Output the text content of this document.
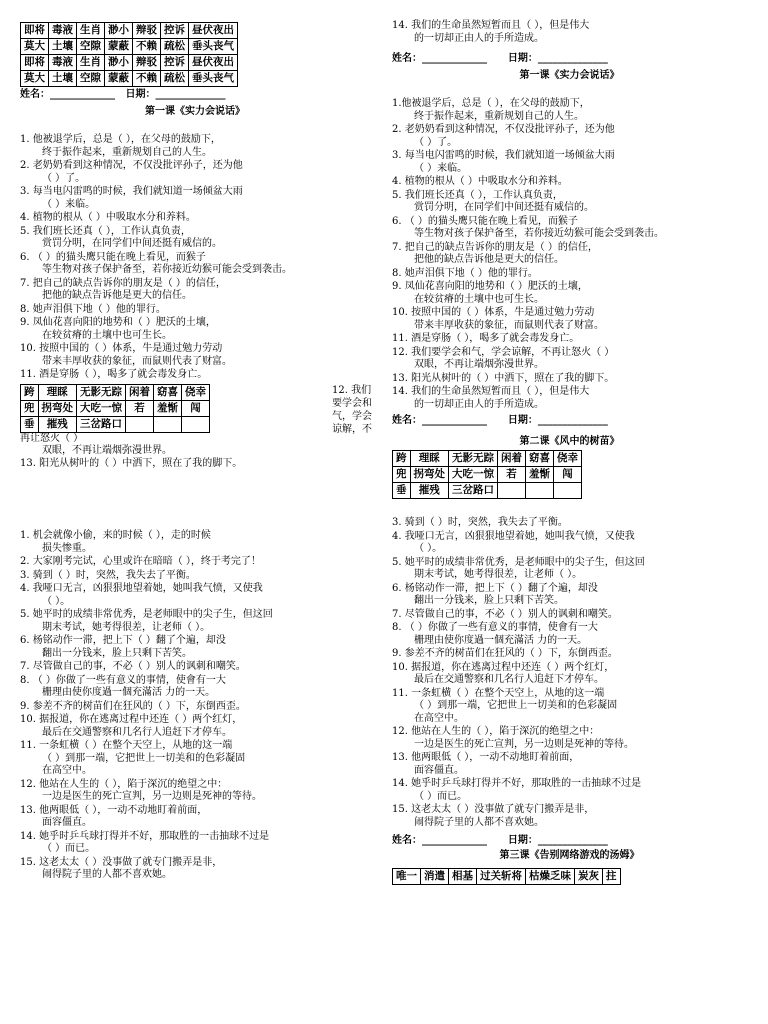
即将	毒液	生肖	渺小	辩驳	控诉	昼伏夜出
莫大	土壤	空隙	蒙蔽	不赖	疏松	垂头丧气
即将	毒液	生肖	渺小	辩驳	控诉	昼伏夜出
莫大	土壤	空隙	蒙蔽	不赖	疏松	垂头丧气
姓名：_____________   日期：______________
第一课《实力会说话》
1. 他被退学后，总是（ ），在父母的鼓励下，
终于振作起来，重新规划自己的人生。
2. 老奶奶看到这种情况，不仅没批评孙子，还为他
（ ）了。
3. 每当电闪雷鸣的时候，我们就知道一场倾盆大雨
（ ）来临。
4. 植物的根从（ ）中吸取水分和养料。
5. 我们班长还真（ ），工作认真负责，
赏罚分明，在同学们中间还挺有威信的。
6. （ ）的猫头鹰只能在晚上看见，而猴子
等生物对孩子保护备至，若你接近幼猴可能会受到袭击。
7. 把自己的缺点告诉你的朋友是（ ）的信任，
把他的缺点告诉他是更大的信任。
8. 她声泪俱下地（ ）他的罪行。
9. 凤仙花喜向阳的地势和（ ）肥沃的土壤，
在较贫瘠的土壤中也可生长。
10. 按照中国的（ ）体系，牛是通过勉力劳动
带来丰厚收获的象征，而鼠则代表了财富。
11. 酒是穿肠（ ），喝多了就会毒发身亡。
跨	理睬	无影无踪	闲着	窈喜	侥幸
兜	拐弯处	大吃一惊	若	羞惭	闯
垂	摧残	三岔路口			
12. 我们要学会和气，学会谅解，不
再让怒火（ ）
双眼，不再让端烟弥漫世界。
13. 阳光从树叶的（ ）中洒下，照在了我的脚下。
1. 机会就像小偷，来的时候（ ），走的时候
损失惨重。
2. 大家刚考完试，心里或许在暗暗（ ），终于考完了！
3. 骑到（ ）时，突然，我失去了平衡。
4. 我哑口无言，凶狠狠地望着她，她叫我气愤，又使我
（ ）。
5. 她平时的成绩非常优秀，是老师眼中的尖子生，但这回
期末考试，她考得很差，让老师（ ）。
6. 杨铭动作一滞，把上下（ ）翻了个遍，却没
翻出一分钱来，脸上只剩下苦笑。
7. 尽管做自己的事，不必（ ）别人的讽刺和嘲笑。
8. （ ）你做了一些有意义的事情，使會有一大
栅理由使你度過一個充滿活 力的一天。
9. 参差不齐的树苗们在狂风的（ ）下，东倒西歪。
10. 据报道，你在逃离过程中还连（ ）两个红灯，
最后在交通警察和几名行人追赶下才停车。
11. 一条虹横（ ）在整个天空上，从地的这一端
（ ）到那一端，它把世上一切美和的色彩凝固
在高空中。
12. 他站在人生的（ ），陷于深沉的绝望之中：
一边是医生的死亡宣判，另一边则是死神的等待。
13. 他两眼低（ ），一动不动地盯着前面，
面容僵直。
14. 她乎时乒乓球打得并不好，那取胜的一击抽球不过是
（ ）而已。
15. 这老太太（ ）没事做了就专门搬弄是非，
闹得院子里的人都不喜欢她。
14. 我们的生命虽然短暂而且（ ），但是伟大
的一切却正由人的手所造成。
姓名：_____________      日期：______________
第一课《实力会说话》
1.他被退学后，总是（ ），在父母的鼓励下，
终于振作起来，重新规划自己的人生。
2. 老奶奶看到这种情况，不仅没批评孙子，还为他
（ ）了。
3. 每当电闪雷鸣的时候，我们就知道一场倾盆大雨
（ ）来临。
4. 植物的根从（ ）中吸取水分和养料。
5. 我们班长还真（ ），工作认真负责，
赏罚分明，在同学们中间还挺有威信的。
6. （ ）的猫头鹰只能在晚上看见，而猴子
等生物对孩子保护备至，若你接近幼猴可能会受到袭击。
7. 把自己的缺点告诉你的朋友是（ ）的信任，
把他的缺点告诉他是更大的信任。
8. 她声泪俱下地（ ）他的罪行。
9. 凤仙花喜向阳的地势和（ ）肥沃的土壤，
在较贫瘠的土壤中也可生长。
10. 按照中国的（ ）体系，牛是通过勉力劳动
带来丰厚收获的象征，而鼠则代表了财富。
11. 酒是穿肠（ ），喝多了就会毒发身亡。
12. 我们要学会和气，学会谅解，不再让怒火（ ）
双眼，不再让端烟弥漫世界。
13. 阳光从树叶的（ ）中洒下，照在了我的脚下。
14. 我们的生命虽然短暂而且（ ），但是伟大
的一切却正由人的手所造成。
姓名：_____________      日期：______________
第二课《风中的树苗》
跨	理睬	无影无踪	闲着	窈喜	侥幸
兜	拐弯处	大吃一惊	若	羞惭	闯
垂	摧残	三岔路口			
3. 骑到（ ）时，突然，我失去了平衡。
4. 我哑口无言，凶狠狠地望着她，她叫我气愤，又使我
（ ）。
5. 她平时的成绩非常优秀，是老师眼中的尖子生，但这回
期末考试，她考得很差，让老师（ ）。
6. 杨铭动作一滞，把上下（ ）翻了个遍，却没
翻出一分钱来，脸上只剩下苦笑。
7. 尽管做自己的事，不必（ ）别人的讽刺和嘲笑。
8. （ ）你做了一些有意义的事情，使會有一大
栅理由使你度過一個充滿活 力的一天。
9. 参差不齐的树苗们在狂风的（ ）下，东倒西歪。
10. 据报道，你在逃离过程中还连（ ）两个红灯，
最后在交通警察和几名行人追赶下才停车。
11. 一条虹横（ ）在整个天空上，从地的这一端
（ ）到那一端，它把世上一切美和的色彩凝固
在高空中。
12. 他站在人生的（ ），陷于深沉的绝望之中：
一边是医生的死亡宣判，另一边则是死神的等待。
13. 他两眼低（ ），一动不动地盯着前面，
面容僵直。
14. 她乎时乒乓球打得并不好，那取胜的一击抽球不过是
（ ）而已。
15. 这老太太（ ）没事做了就专门搬弄是非，
闹得院子里的人都不喜欢她。
姓名：_____________      日期：______________
第三课《告别网络游戏的汤姆》
唯一	消遣	相基	过关斩将	枯燥乏味	炭灰	拄
